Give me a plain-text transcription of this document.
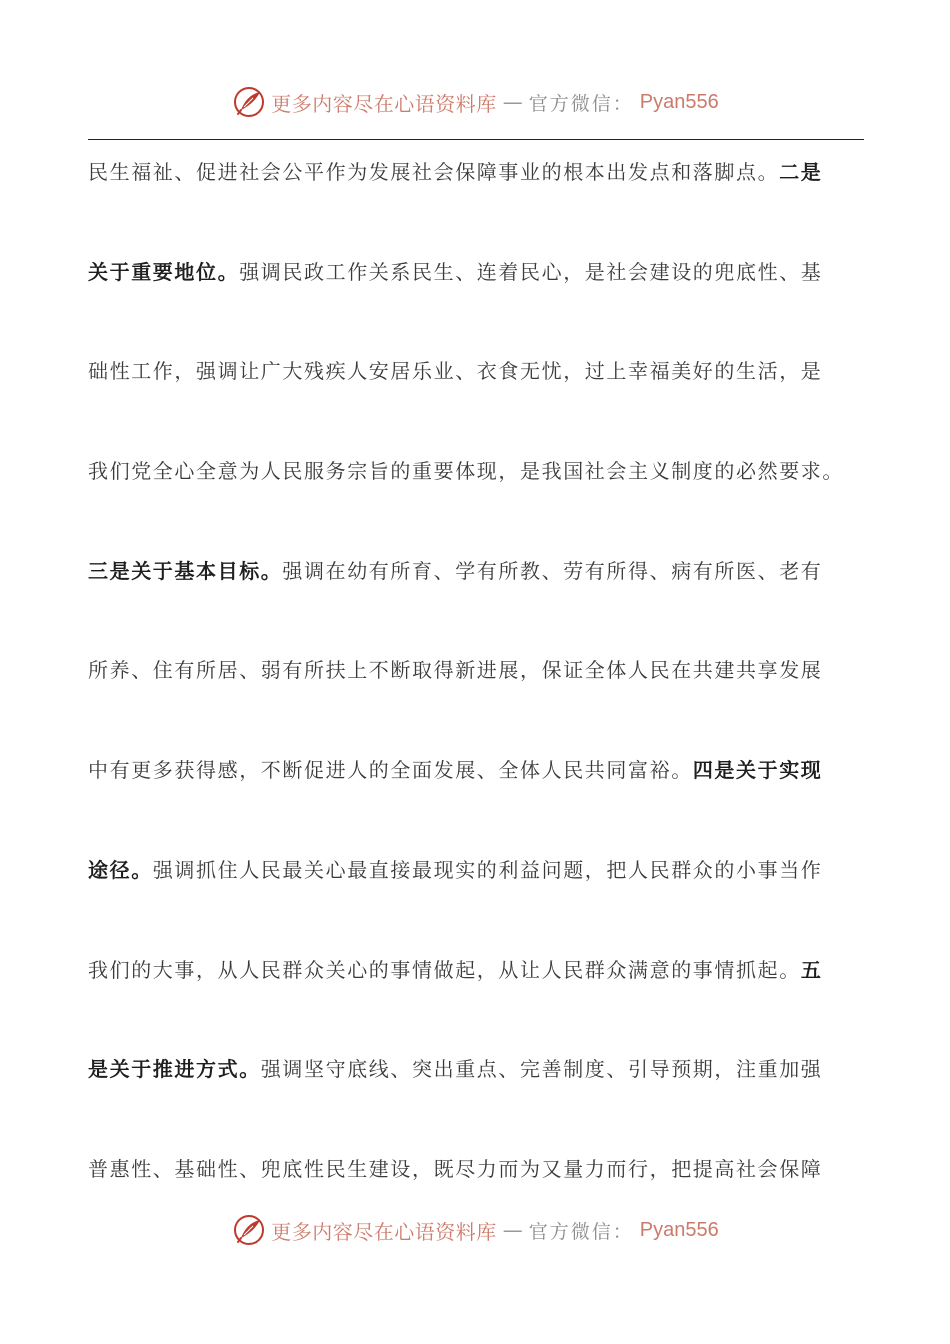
更多内容尽在心语资料库 — 官方微信： Pyan556
民生福祉、促进社会公平作为发展社会保障事业的根本出发点和落脚点。二是
关于重要地位。强调民政工作关系民生、连着民心，是社会建设的兜底性、基
础性工作，强调让广大残疾人安居乐业、衣食无忧，过上幸福美好的生活，是
我们党全心全意为人民服务宗旨的重要体现，是我国社会主义制度的必然要求。
三是关于基本目标。强调在幼有所育、学有所教、劳有所得、病有所医、老有
所养、住有所居、弱有所扶上不断取得新进展，保证全体人民在共建共享发展
中有更多获得感，不断促进人的全面发展、全体人民共同富裕。四是关于实现
途径。强调抓住人民最关心最直接最现实的利益问题，把人民群众的小事当作
我们的大事，从人民群众关心的事情做起，从让人民群众满意的事情抓起。五
是关于推进方式。强调坚守底线、突出重点、完善制度、引导预期，注重加强
普惠性、基础性、兜底性民生建设，既尽力而为又量力而行，把提高社会保障
更多内容尽在心语资料库 — 官方微信： Pyan556
